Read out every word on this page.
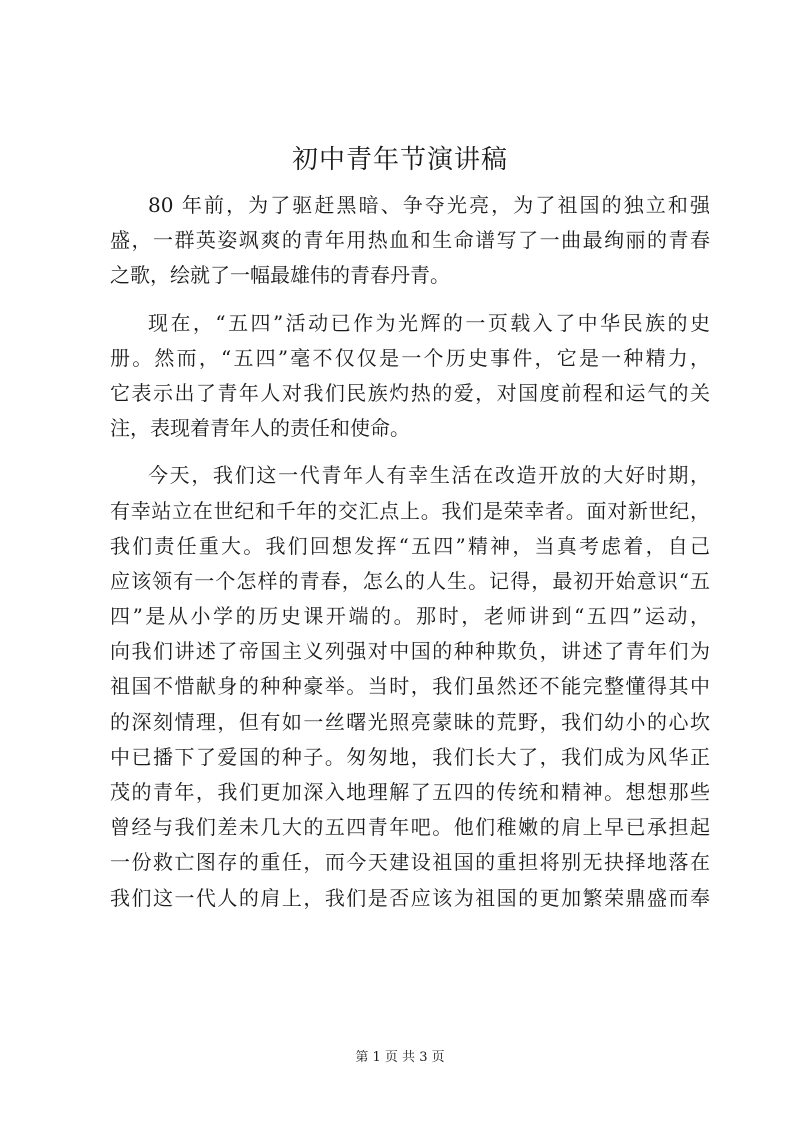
初中青年节演讲稿

80 年前，为了驱赶黑暗、争夺光亮，为了祖国的独立和强
盛，一群英姿飒爽的青年用热血和生命谱写了一曲最绚丽的青春
之歌，绘就了一幅最雄伟的青春丹青。

现在，“五四”活动已作为光辉的一页载入了中华民族的史
册。然而，“五四”毫不仅仅是一个历史事件，它是一种精力，
它表示出了青年人对我们民族灼热的爱，对国度前程和运气的关
注，表现着青年人的责任和使命。

今天，我们这一代青年人有幸生活在改造开放的大好时期，
有幸站立在世纪和千年的交汇点上。我们是荣幸者。面对新世纪，
我们责任重大。我们回想发挥“五四”精神，当真考虑着，自己
应该领有一个怎样的青春，怎么的人生。记得，最初开始意识“五
四”是从小学的历史课开端的。那时，老师讲到“五四”运动，
向我们讲述了帝国主义列强对中国的种种欺负，讲述了青年们为
祖国不惜献身的种种豪举。当时，我们虽然还不能完整懂得其中
的深刻情理，但有如一丝曙光照亮蒙昧的荒野，我们幼小的心坎
中已播下了爱国的种子。匆匆地，我们长大了，我们成为风华正
茂的青年，我们更加深入地理解了五四的传统和精神。想想那些
曾经与我们差未几大的五四青年吧。他们稚嫩的肩上早已承担起
一份救亡图存的重任，而今天建设祖国的重担将别无抉择地落在
我们这一代人的肩上，我们是否应该为祖国的更加繁荣鼎盛而奉

第 1 页 共 3 页
